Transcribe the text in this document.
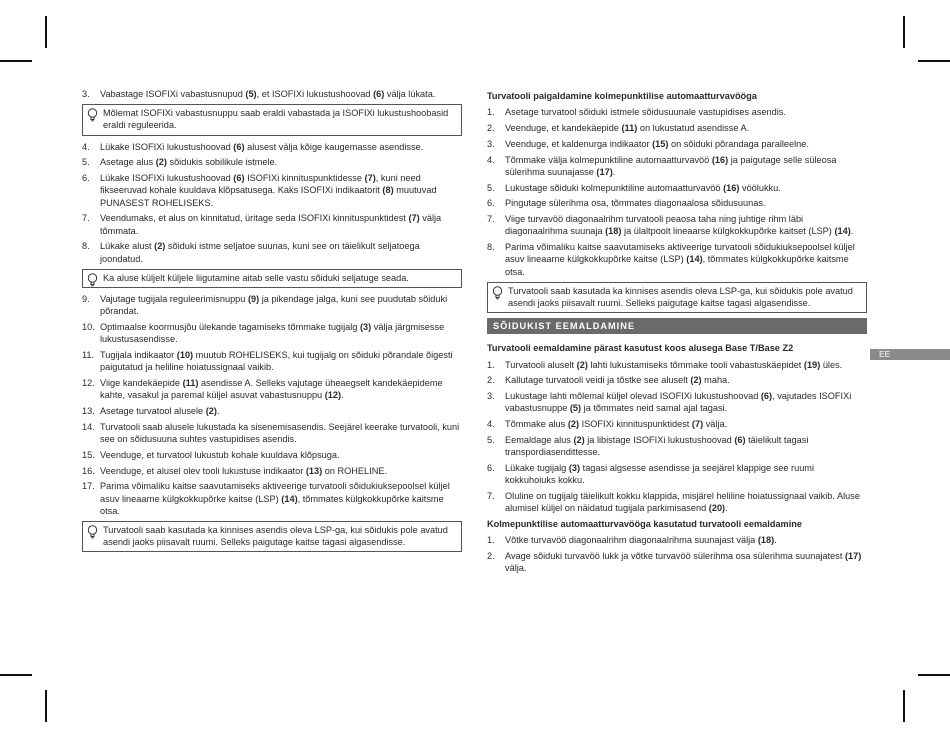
EE
3. Vabastage ISOFIXi vabastusnupud (5), et ISOFIXi lukustushoovad (6) välja lükata.
Mõlemat ISOFIXi vabastusnuppu saab eraldi vabastada ja ISOFIXi lukustushoobasid eraldi reguleerida.
4. Lükake ISOFIXi lukustushoovad (6) alusest välja kõige kaugemasse asendisse.
5. Asetage alus (2) sõidukis sobilikule istmele.
6. Lükake ISOFIXi lukustushoovad (6) ISOFIXi kinnituspunktidesse (7), kuni need fikseeruvad kohale kuuldava klõpsatusega. Kaks ISOFIXi indikaatorit (8) muutuvad PUNASEST ROHELISEKS.
7. Veendumaks, et alus on kinnitatud, üritage seda ISOFIXi kinnituspunktidest (7) välja tõmmata.
8. Lükake alust (2) sõiduki istme seljatoe suunas, kuni see on täielikult seljatoega joondatud.
Ka aluse küljelt küljele liigutamine aitab selle vastu sõiduki seljatuge seada.
9. Vajutage tugijala reguleerimisnuppu (9) ja pikendage jalga, kuni see puudutab sõiduki põrandat.
10. Optimaalse koormusjõu ülekande tagamiseks tõmmake tugijalg (3) välja järgmisesse lukustusasendisse.
11. Tugijala indikaator (10) muutub ROHELISEKS, kui tugijalg on sõiduki põrandale õigesti paigutatud ja heliline hoiatussignaal vaikib.
12. Viige kandekäepide (11) asendisse A. Selleks vajutage üheaegselt kandekäepideme kahte, vasakul ja paremal küljel asuvat vabastusnuppu (12).
13. Asetage turvatool alusele (2).
14. Turvatooli saab alusele lukustada ka sisenemisasendis. Seejärel keerake turvatooli, kuni see on sõidusuuna suhtes vastupidises asendis.
15. Veenduge, et turvatool lukustub kohale kuuldava klõpsuga.
16. Veenduge, et alusel olev tooli lukustuse indikaator (13) on ROHELINE.
17. Parima võimaliku kaitse saavutamiseks aktiveerige turvatooli sõidukiuksepoolsel küljel asuv lineaarne külgkokkupõrke kaitse (LSP) (14), tõmmates külgkokkupõrke kaitsme otsa.
Turvatooli saab kasutada ka kinnises asendis oleva LSP-ga, kui sõidukis pole avatud asendi jaoks piisavalt ruumi. Selleks paigutage kaitse tagasi algasendisse.
Turvatooli paigaldamine kolmepunktilise automaatturvavööga
1. Asetage turvatool sõiduki istmele sõidusuunale vastupidises asendis.
2. Veenduge, et kandekäepide (11) on lukustatud asendisse A.
3. Veenduge, et kaldenurga indikaator (15) on sõiduki põrandaga paralleelne.
4. Tõmmake välja kolmepunktiline automaatturvavöö (16) ja paigutage selle süleosa sülerihma suunajasse (17).
5. Lukustage sõiduki kolmepunktiline automaatturvavöö (16) vöölukku.
6. Pingutage sülerihma osa, tõmmates diagonaalosa sõidusuunas.
7. Viige turvavöö diagonaalrihm turvatooli peaosa taha ning juhtige rihm läbi diagonaalrihma suunaja (18) ja ülaltpoolt lineaarse külgkokkupõrke kaitset (LSP) (14).
8. Parima võimaliku kaitse saavutamiseks aktiveerige turvatooli sõidukiuksepoolsel küljel asuv lineaarne külgkokkupõrke kaitse (LSP) (14), tõmmates külgkokkupõrke kaitsme otsa.
Turvatooli saab kasutada ka kinnises asendis oleva LSP-ga, kui sõidukis pole avatud asendi jaoks piisavalt ruumi. Selleks paigutage kaitse tagasi algasendisse.
SÕIDUKIST EEMALDAMINE
Turvatooli eemaldamine pärast kasutust koos alusega Base T/Base Z2
1. Turvatooli aluselt (2) lahti lukustamiseks tõmmake tooli vabastuskäepidet (19) üles.
2. Kallutage turvatooli veidi ja tõstke see aluselt (2) maha.
3. Lukustage lahti mõlemal küljel olevad ISOFIXi lukustushoovad (6), vajutades ISOFIXi vabastusnuppe (5) ja tõmmates neid samal ajal tagasi.
4. Tõmmake alus (2) ISOFIXi kinnituspunktidest (7) välja.
5. Eemaldage alus (2) ja libistage ISOFIXi lukustushoovad (6) täielikult tagasi transpordiasendittesse.
6. Lükake tugijalg (3) tagasi algsesse asendisse ja seejärel klappige see ruumi kokkuhoiuks kokku.
7. Oluline on tugijalg täielikult kokku klappida, misjärel heliline hoiatussignaal vaikib. Aluse alumisel küljel on näidatud tugijala parkimisasend (20).
Kolmepunktilise automaatturvavööga kasutatud turvatooli eemaldamine
1. Võtke turvavöö diagonaalrihm diagonaalrihma suunajast välja (18).
2. Avage sõiduki turvavöö lukk ja võtke turvavöö sülerihma osa sülerihma suunajatest (17) välja.
